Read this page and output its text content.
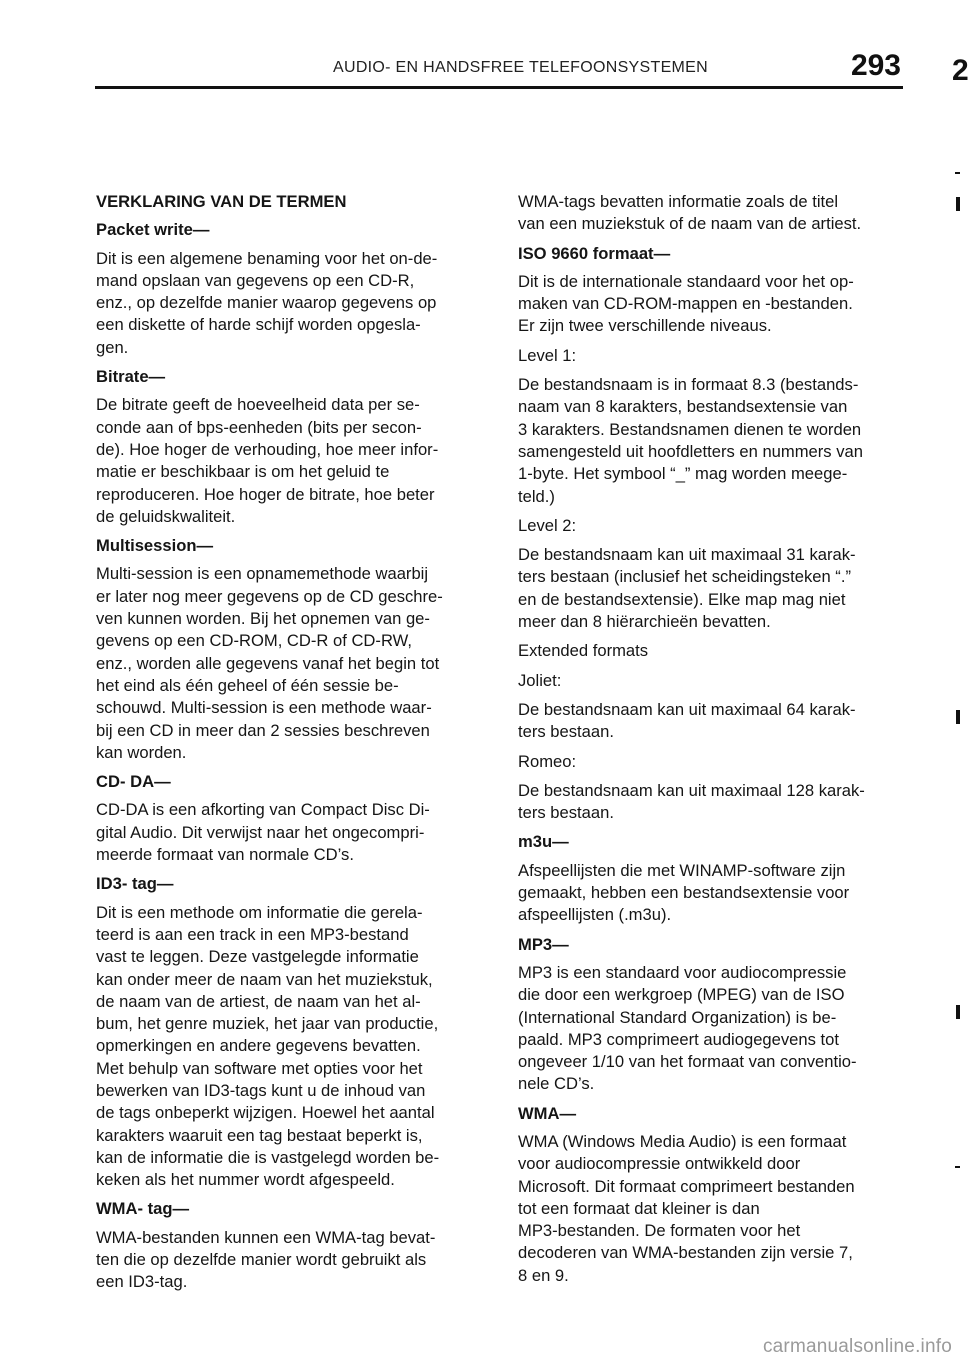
AUDIO- EN HANDSFREE TELEFOONSYSTEMEN	293 2

VERKLARING VAN DE TERMEN

Packet write—

Dit is een algemene benaming voor het on‑de‑
mand opslaan van gegevens op een CD‑R,
enz., op dezelfde manier waarop gegevens op
een diskette of harde schijf worden opgesla‑
gen.

Bitrate—

De bitrate geeft de hoeveelheid data per se‑
conde aan of bps‑eenheden (bits per secon‑
de). Hoe hoger de verhouding, hoe meer infor‑
matie er beschikbaar is om het geluid te
reproduceren. Hoe hoger de bitrate, hoe beter
de geluidskwaliteit.

Multisession—

Multi‑session is een opnamemethode waarbij
er later nog meer gegevens op de CD geschre‑
ven kunnen worden. Bij het opnemen van ge‑
gevens op een CD‑ROM, CD‑R of CD‑RW,
enz., worden alle gegevens vanaf het begin tot
het eind als één geheel of één sessie be‑
schouwd. Multi‑session is een methode waar‑
bij een CD in meer dan 2 sessies beschreven
kan worden.

CD‑ DA—

CD‑DA is een afkorting van Compact Disc Di‑
gital Audio. Dit verwijst naar het ongecompri‑
meerde formaat van normale CD’s.

ID3‑ tag—

Dit is een methode om informatie die gerela‑
teerd is aan een track in een MP3‑bestand
vast te leggen. Deze vastgelegde informatie
kan onder meer de naam van het muziekstuk,
de naam van de artiest, de naam van het al‑
bum, het genre muziek, het jaar van productie,
opmerkingen en andere gegevens bevatten.
Met behulp van software met opties voor het
bewerken van ID3‑tags kunt u de inhoud van
de tags onbeperkt wijzigen. Hoewel het aantal
karakters waaruit een tag bestaat beperkt is,
kan de informatie die is vastgelegd worden be‑
keken als het nummer wordt afgespeeld.

WMA‑ tag—

WMA‑bestanden kunnen een WMA‑tag bevat‑
ten die op dezelfde manier wordt gebruikt als
een ID3‑tag.

WMA‑tags bevatten informatie zoals de titel
van een muziekstuk of de naam van de artiest.

ISO 9660 formaat—

Dit is de internationale standaard voor het op‑
maken van CD‑ROM‑mappen en ‑bestanden.
Er zijn twee verschillende niveaus.

Level 1:

De bestandsnaam is in formaat 8.3 (bestands‑
naam van 8 karakters, bestandsextensie van
3 karakters. Bestandsnamen dienen te worden
samengesteld uit hoofdletters en nummers van
1‑byte. Het symbool “_” mag worden meege‑
teld.)

Level 2:

De bestandsnaam kan uit maximaal 31 karak‑
ters bestaan (inclusief het scheidingsteken “.”
en de bestandsextensie). Elke map mag niet
meer dan 8 hiërarchieën bevatten.

Extended formats

Joliet:

De bestandsnaam kan uit maximaal 64 karak‑
ters bestaan.

Romeo:

De bestandsnaam kan uit maximaal 128 karak‑
ters bestaan.

m3u—

Afspeellijsten die met WINAMP‑software zijn
gemaakt, hebben een bestandsextensie voor
afspeellijsten (.m3u).

MP3—

MP3 is een standaard voor audiocompressie
die door een werkgroep (MPEG) van de ISO
(International Standard Organization) is be‑
paald. MP3 comprimeert audiogegevens tot
ongeveer 1/10 van het formaat van conventio‑
nele CD’s.

WMA—

WMA (Windows Media Audio) is een formaat
voor audiocompressie ontwikkeld door
Microsoft. Dit formaat comprimeert bestanden
tot een formaat dat kleiner is dan
MP3‑bestanden. De formaten voor het
decoderen van WMA‑bestanden zijn versie 7,
8 en 9.

carmanualsonline.info
